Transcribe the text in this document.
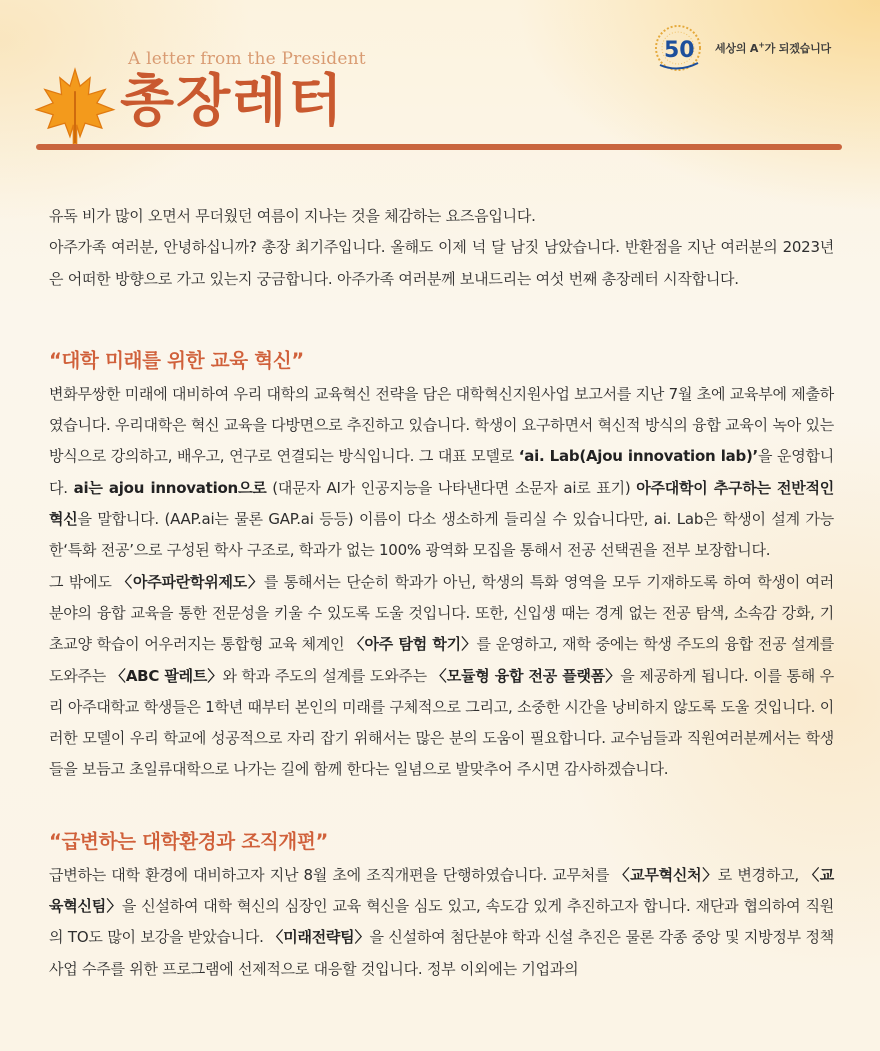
A letter from the President
총장레터
50 세상의 A+가 되겠습니다

유독 비가 많이 오면서 무더웠던 여름이 지나는 것을 체감하는 요즈음입니다.

아주가족 여러분, 안녕하십니까? 총장 최기주입니다. 올해도 이제 넉 달 남짓 남았습니다. 반환점을 지난 여러분의 2023년은 어떠한 방향으로 가고 있는지 궁금합니다. 아주가족 여러분께 보내드리는 여섯 번째 총장레터 시작합니다.

“대학 미래를 위한 교육 혁신”

변화무쌍한 미래에 대비하여 우리 대학의 교육혁신 전략을 담은 대학혁신지원사업 보고서를 지난 7월 초에 교육부에 제출하였습니다. 우리대학은 혁신 교육을 다방면으로 추진하고 있습니다. 학생이 요구하면서 혁신적 방식의 융합 교육이 녹아 있는 방식으로 강의하고, 배우고, 연구로 연결되는 방식입니다. 그 대표 모델로 ‘ai. Lab(Ajou innovation lab)’을 운영합니다. ai는 ajou innovation으로 (대문자 AI가 인공지능을 나타낸다면 소문자 ai로 표기) 아주대학이 추구하는 전반적인 혁신을 말합니다. (AAP.ai는 물론 GAP.ai 등등) 이름이 다소 생소하게 들리실 수 있습니다만, ai. Lab은 학생이 설계 가능한‘특화 전공’으로 구성된 학사 구조로, 학과가 없는 100% 광역화 모집을 통해서 전공 선택권을 전부 보장합니다.

그 밖에도 〈아주파란학위제도〉를 통해서는 단순히 학과가 아닌, 학생의 특화 영역을 모두 기재하도록 하여 학생이 여러 분야의 융합 교육을 통한 전문성을 키울 수 있도록 도울 것입니다. 또한, 신입생 때는 경계 없는 전공 탐색, 소속감 강화, 기초교양 학습이 어우러지는 통합형 교육 체계인 〈아주 탐험 학기〉를 운영하고, 재학 중에는 학생 주도의 융합 전공 설계를 도와주는 〈ABC 팔레트〉와 학과 주도의 설계를 도와주는 〈모듈형 융합 전공 플랫폼〉을 제공하게 됩니다. 이를 통해 우리 아주대학교 학생들은 1학년 때부터 본인의 미래를 구체적으로 그리고, 소중한 시간을 낭비하지 않도록 도울 것입니다. 이러한 모델이 우리 학교에 성공적으로 자리 잡기 위해서는 많은 분의 도움이 필요합니다. 교수님들과 직원여러분께서는 학생들을 보듬고 초일류대학으로 나가는 길에 함께 한다는 일념으로 발맞추어 주시면 감사하겠습니다.

“급변하는 대학환경과 조직개편”

급변하는 대학 환경에 대비하고자 지난 8월 초에 조직개편을 단행하였습니다. 교무처를 〈교무혁신처〉로 변경하고, 〈교육혁신팀〉을 신설하여 대학 혁신의 심장인 교육 혁신을 심도 있고, 속도감 있게 추진하고자 합니다. 재단과 협의하여 직원의 TO도 많이 보강을 받았습니다. 〈미래전략팀〉을 신설하여 첨단분야 학과 신설 추진은 물론 각종 중앙 및 지방정부 정책 사업 수주를 위한 프로그램에 선제적으로 대응할 것입니다. 정부 이외에는 기업과의
